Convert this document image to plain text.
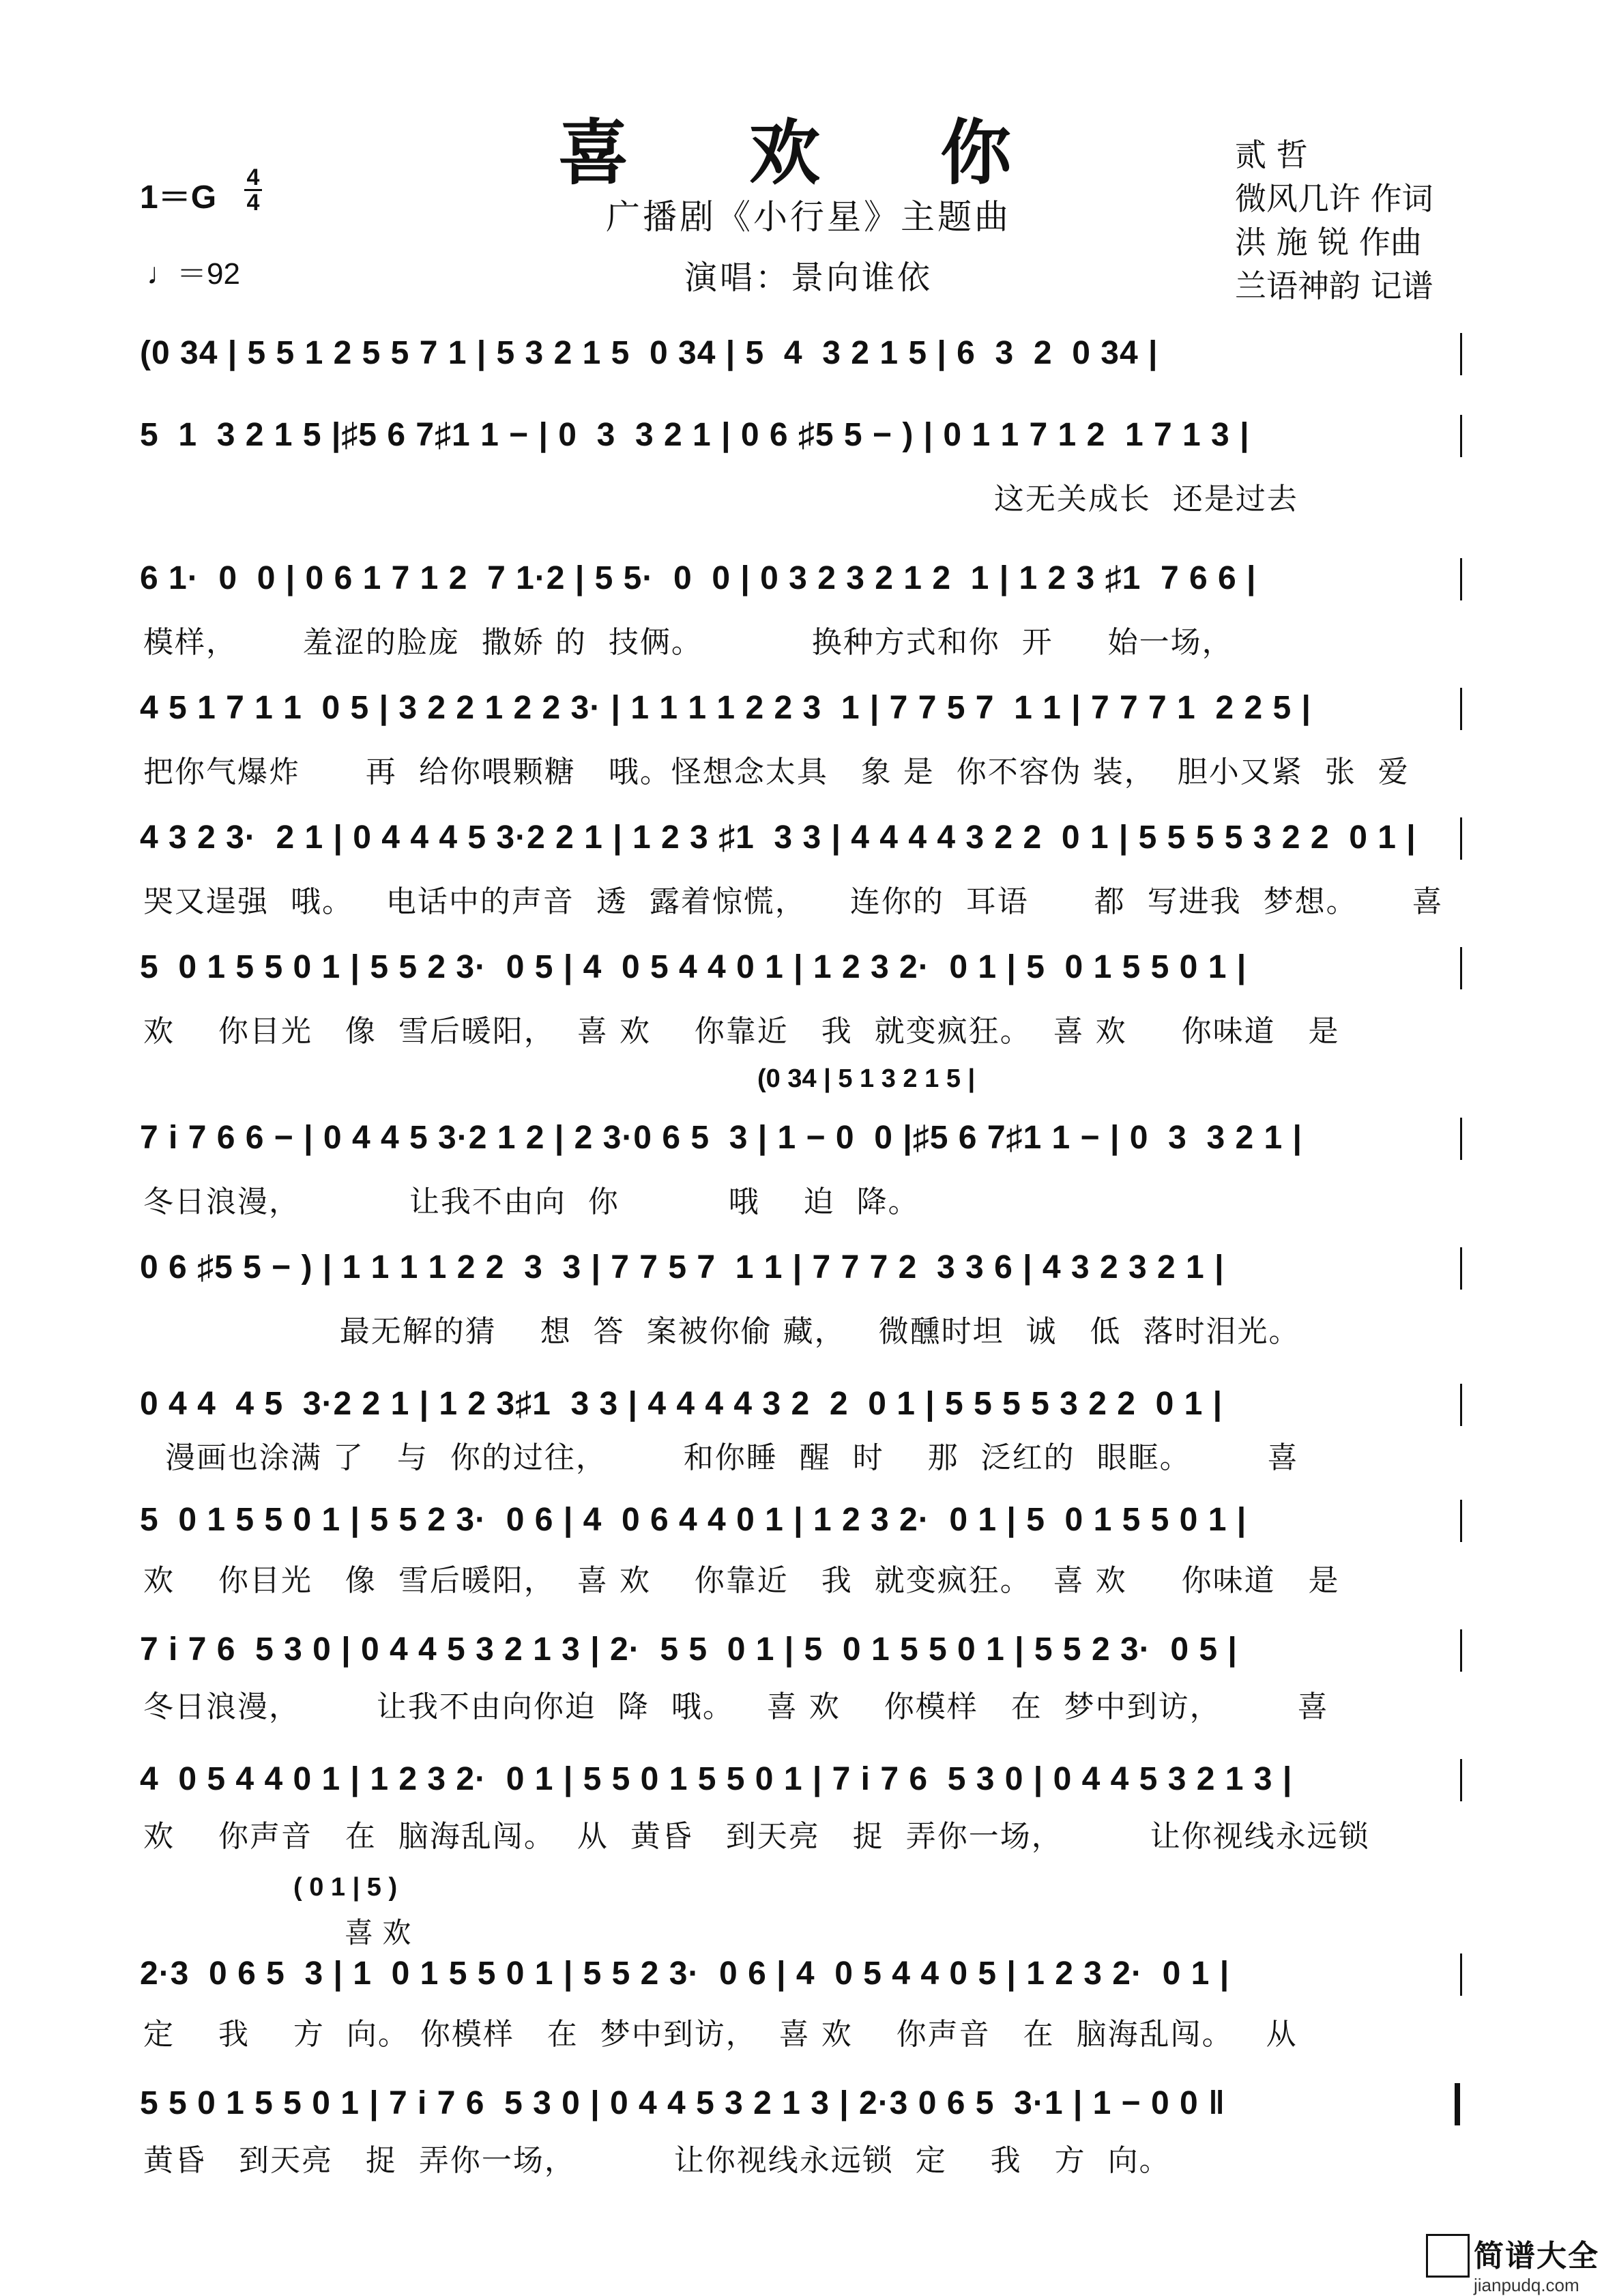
喜 欢 你
广播剧《小行星》主题曲
演唱：景向谁依
1＝G
4
4
♩＝92
贰 哲
微风几许 作词
洪 施 锐 作曲
兰语神韵 记谱
(0 34 | 5 5 1 2 5 5 7 1 | 5 3 2 1 5  0 34 | 5  4  3 2 1 5 | 6  3  2  0 34 |
5  1  3 2 1 5 |♯5 6 7♯1 1 − | 0  3  3 2 1 | 0 6 ♯5 5 − ) | 0 1 1 7 1 2  1 7 1 3 |
这无关成长  还是过去
6 1·  0  0 | 0 6 1 7 1 2  7 1·2 | 5 5·  0  0 | 0 3 2 3 2 1 2  1 | 1 2 3 ♯1  7 6 6 |
模样，      羞涩的脸庞  撒娇 的  技俩。          换种方式和你  开     始一场，
4 5 1 7 1 1  0 5 | 3 2 2 1 2 2 3· | 1 1 1 1 2 2 3  1 | 7 7 5 7  1 1 | 7 7 7 1  2 2 5 |
把你气爆炸      再  给你喂颗糖   哦。怪想念太具   象 是  你不容伪 装，  胆小又紧  张  爱
4 3 2 3·  2 1 | 0 4 4 4 5 3·2 2 1 | 1 2 3 ♯1  3 3 | 4 4 4 4 3 2 2  0 1 | 5 5 5 5 3 2 2  0 1 |
哭又逞强  哦。   电话中的声音  透  露着惊慌，    连你的  耳语      都  写进我  梦想。     喜
5  0 1 5 5 0 1 | 5 5 2 3·  0 5 | 4  0 5 4 4 0 1 | 1 2 3 2·  0 1 | 5  0 1 5 5 0 1 |
欢    你目光   像  雪后暖阳，  喜 欢    你靠近   我  就变疯狂。  喜 欢     你味道   是
(0 34 | 5 1 3 2 1 5 |
7 i 7 6 6 − | 0 4 4 5 3·2 1 2 | 2 3·0 6 5  3 | 1 − 0  0 |♯5 6 7♯1 1 − | 0  3  3 2 1 |
冬日浪漫，          让我不由向  你          哦    迫  降。
0 6 ♯5 5 − ) | 1 1 1 1 2 2  3  3 | 7 7 5 7  1 1 | 7 7 7 2  3 3 6 | 4 3 2 3 2 1 |
最无解的猜    想  答  案被你偷 藏，   微醺时坦  诚   低  落时泪光。
0 4 4  4 5  3·2 2 1 | 1 2 3♯1  3 3 | 4 4 4 4 3 2  2  0 1 | 5 5 5 5 3 2 2  0 1 |
漫画也涂满 了   与  你的过往，       和你睡  醒  时    那  泛红的  眼眶。       喜
5  0 1 5 5 0 1 | 5 5 2 3·  0 6 | 4  0 6 4 4 0 1 | 1 2 3 2·  0 1 | 5  0 1 5 5 0 1 |
欢    你目光   像  雪后暖阳，  喜 欢    你靠近   我  就变疯狂。  喜 欢     你味道   是
7 i 7 6  5 3 0 | 0 4 4 5 3 2 1 3 | 2·  5 5  0 1 | 5  0 1 5 5 0 1 | 5 5 2 3·  0 5 |
冬日浪漫，       让我不由向你迫  降  哦。   喜 欢    你模样   在  梦中到访，       喜
4  0 5 4 4 0 1 | 1 2 3 2·  0 1 | 5 5 0 1 5 5 0 1 | 7 i 7 6  5 3 0 | 0 4 4 5 3 2 1 3 |
欢    你声音   在  脑海乱闯。  从  黄昏   到天亮   捉  弄你一场，        让你视线永远锁
( 0 1 | 5 )
喜 欢
2·3  0 6 5  3 | 1  0 1 5 5 0 1 | 5 5 2 3·  0 6 | 4  0 5 4 4 0 5 | 1 2 3 2·  0 1 |
定    我    方  向。 你模样   在  梦中到访，  喜 欢    你声音   在  脑海乱闯。   从
5 5 0 1 5 5 0 1 | 7 i 7 6  5 3 0 | 0 4 4 5 3 2 1 3 | 2·3 0 6 5  3·1 | 1 − 0 0 ‖
黄昏   到天亮   捉  弄你一场，         让你视线永远锁  定    我   方  向。
简谱大全
jianpudq.com
